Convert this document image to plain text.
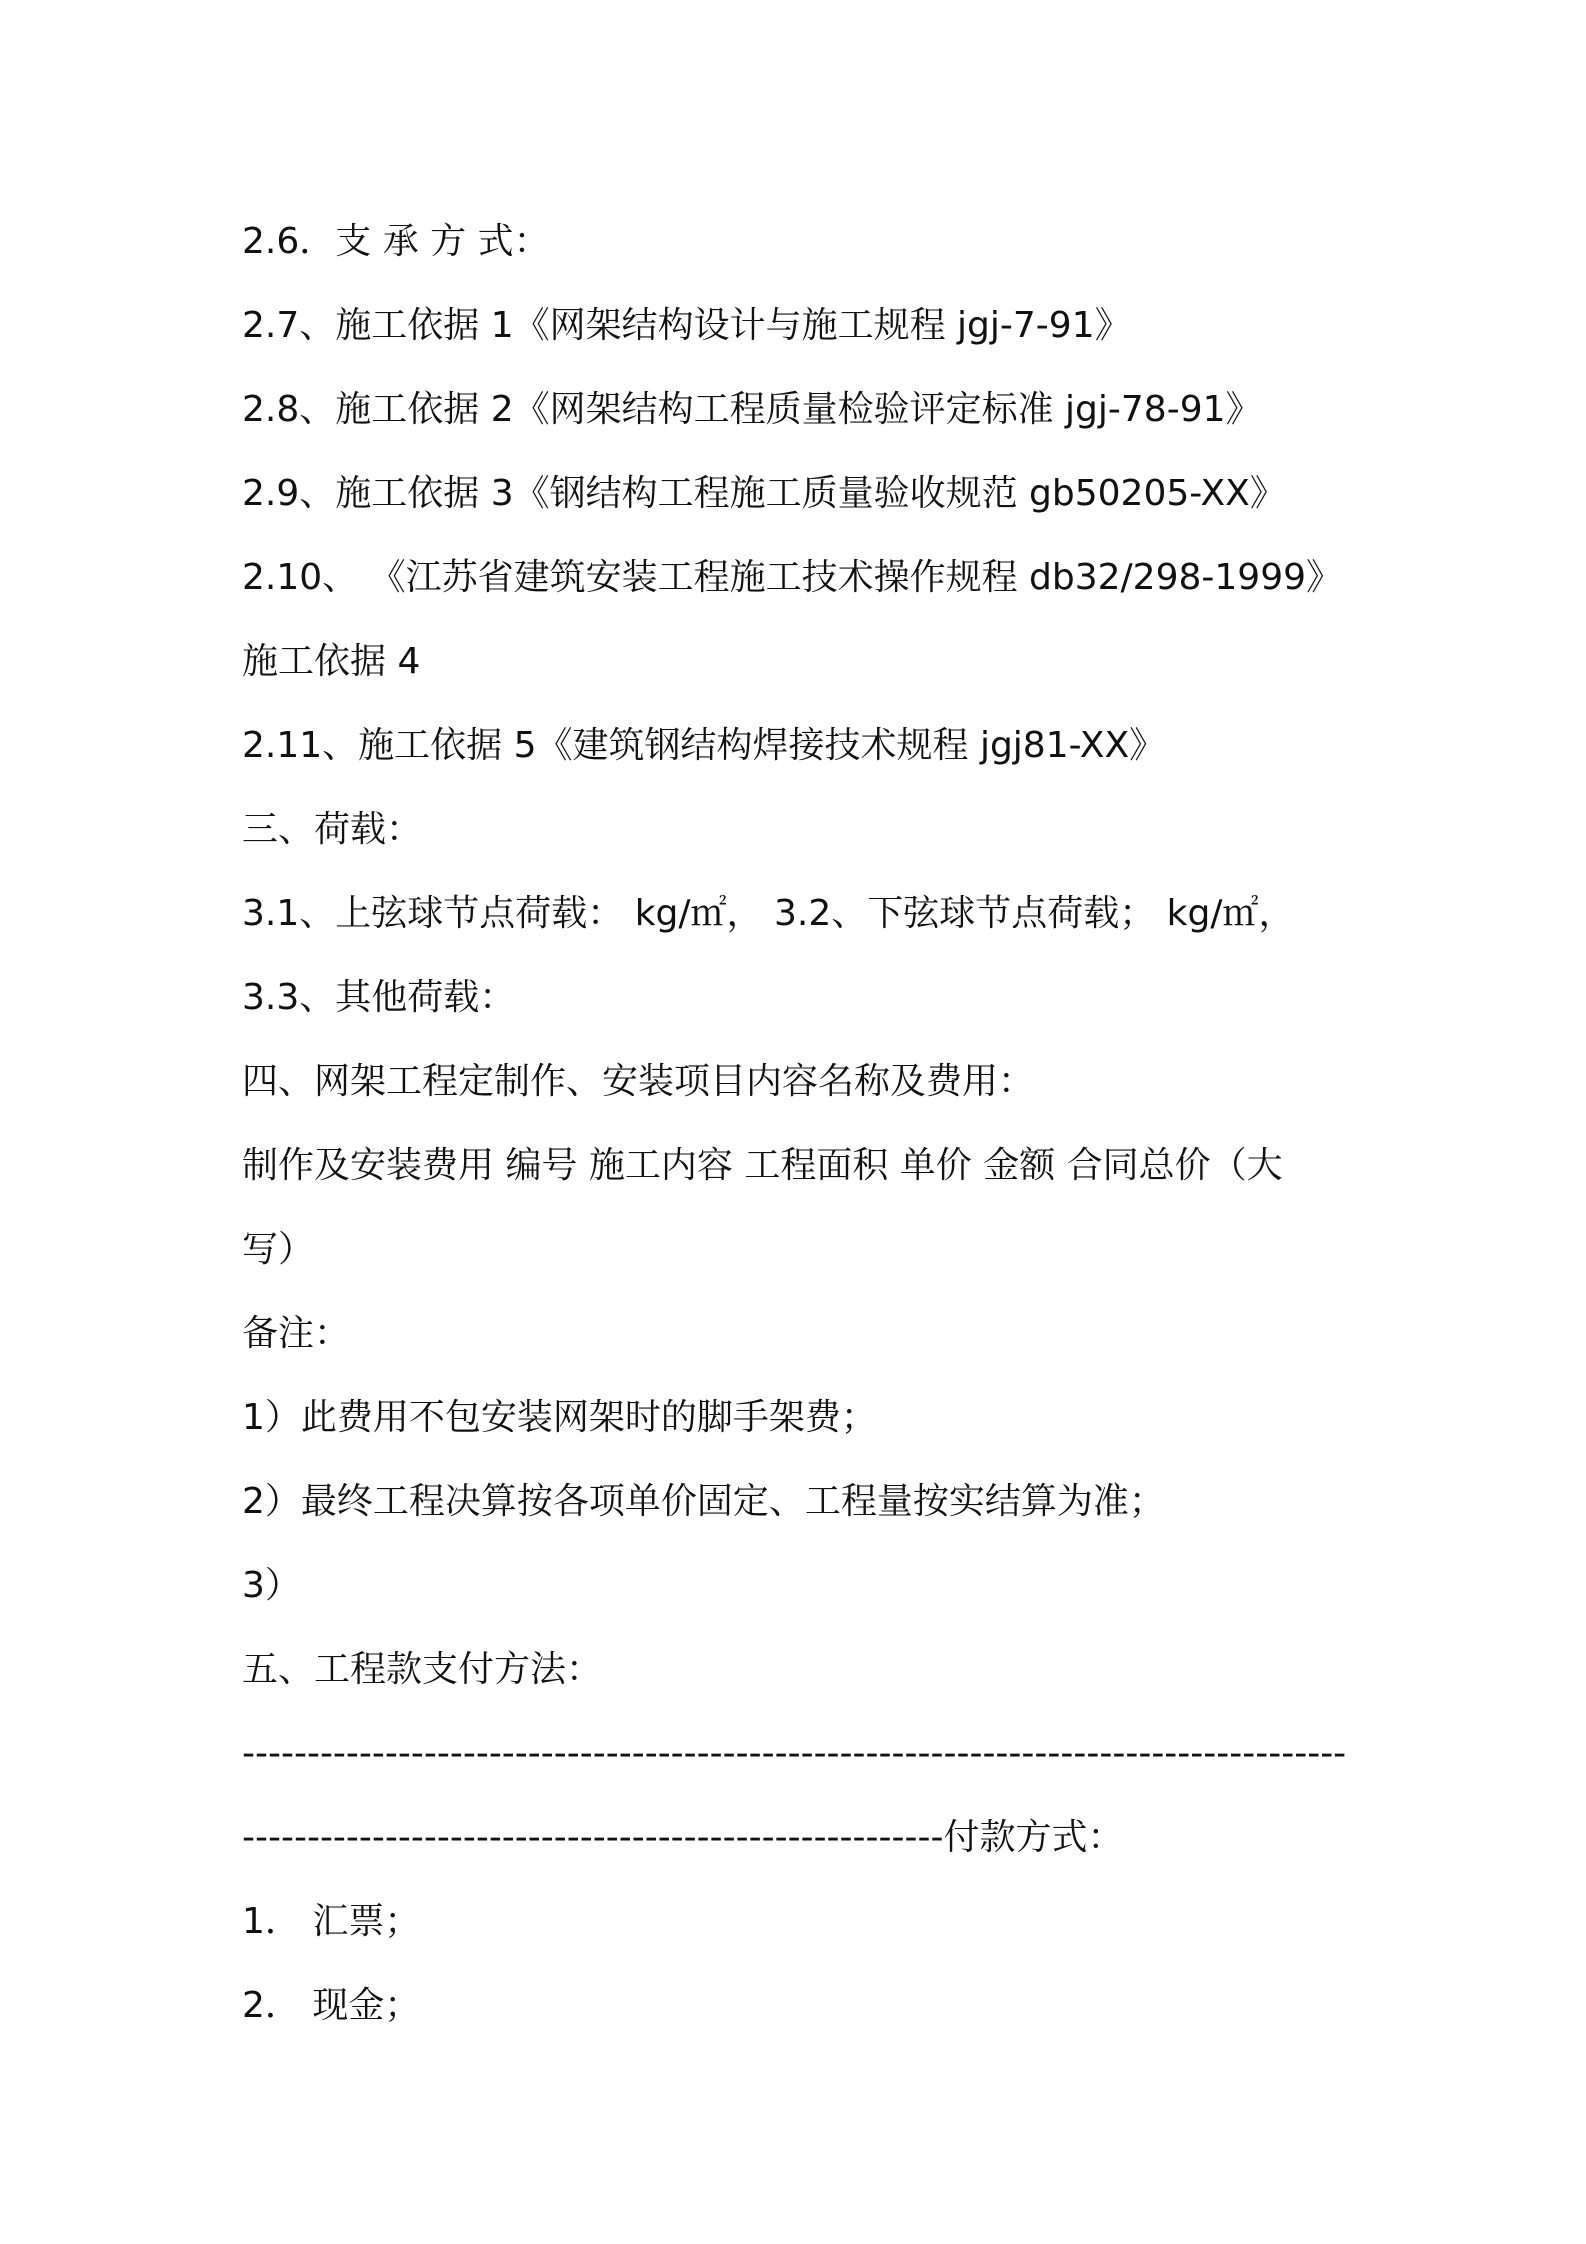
2.6．支 承 方 式：
2.7、施工依据 1《网架结构设计与施工规程 jgj-7-91》
2.8、施工依据 2《网架结构工程质量检验评定标准 jgj-78-91》
2.9、施工依据 3《钢结构工程施工质量验收规范 gb50205-XX》
2.10、 《江苏省建筑安装工程施工技术操作规程 db32/298-1999》
施工依据 4
2.11、施工依据 5《建筑钢结构焊接技术规程 jgj81-XX》
三、荷载：
3.1、上弦球节点荷载： kg/㎡， 3.2、下弦球节点荷载； kg/㎡，
3.3、其他荷载：
四、网架工程定制作、安装项目内容名称及费用：
制作及安装费用 编号 施工内容 工程面积 单价 金额 合同总价（大
写）
备注：
1）此费用不包安装网架时的脚手架费；
2）最终工程决算按各项单价固定、工程量按实结算为准；
3）
五、工程款支付方法：
-------------------------------------------------------------------------------------
------------------------------------------------------付款方式：
1． 汇票；
2． 现金；
